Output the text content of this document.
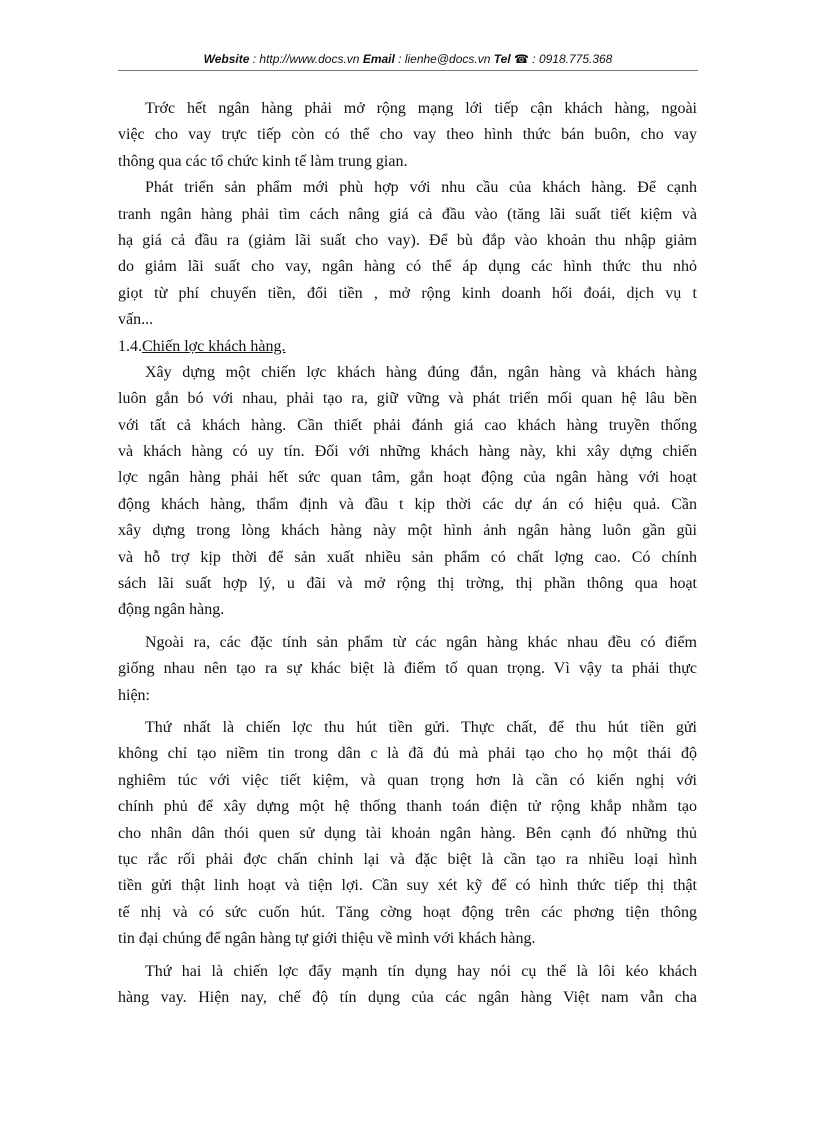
Website : http://www.docs.vn Email : lienhe@docs.vn Tel ☎ : 0918.775.368
Trớc hết ngân hàng phải mở rộng mạng lới tiếp cận khách hàng, ngoài
việc cho vay trực tiếp còn có thể cho vay theo hình thức bán buôn, cho vay
thông qua các tổ chức kinh tế làm trung gian.
Phát triển sản phẩm mới phù hợp với nhu cầu của khách hàng. Để cạnh
tranh ngân hàng phải tìm cách nâng giá cả đầu vào (tăng lãi suất tiết kiệm và
hạ giá cả đầu ra (giảm lãi suất cho vay). Để bù đắp vào khoản thu nhập giảm
do giảm lãi suất cho vay, ngân hàng có thể áp dụng các hình thức thu nhỏ
giọt từ phí chuyển tiền, đổi tiền , mở rộng kinh doanh hối đoái, dịch vụ t
vấn...
1.4.Chiến lợc khách hàng.
Xây dựng một chiến lợc khách hàng đúng đắn, ngân hàng và khách hàng
luôn gắn bó với nhau, phải tạo ra, giữ vững và phát triển mối quan hệ lâu bền
với tất cả khách hàng. Cần thiết phải đánh giá cao khách hàng truyền thống
và khách hàng có uy tín. Đối với những khách hàng này, khi xây dựng chiến
lợc ngân hàng phải hết sức quan tâm, gắn hoạt động của ngân hàng với hoạt
động khách hàng, thẩm định và đầu t kịp thời các dự án có hiệu quả. Cần
xây dựng trong lòng khách hàng này một hình ảnh ngân hàng luôn gần gũi
và hỗ trợ kịp thời để sản xuất nhiều sản phẩm có chất lợng cao. Có chính
sách lãi suất hợp lý, u đãi và mở rộng thị trờng, thị phần thông qua hoạt
động ngân hàng.
Ngoài ra, các đặc tính sản phẩm từ các ngân hàng khác nhau đều có điểm
giống nhau nên tạo ra sự khác biệt là điểm tố quan trọng. Vì vậy ta phải thực
hiện:
Thứ nhất là chiến lợc thu hút tiền gửi. Thực chất, để thu hút tiền gửi
không chỉ tạo niềm tin trong dân c là đã đủ mà phải tạo cho họ một thái độ
nghiêm túc với việc tiết kiệm, và quan trọng hơn là cần có kiến nghị với
chính phủ để xây dựng một hệ thống thanh toán điện tử rộng khắp nhằm tạo
cho nhân dân thói quen sử dụng tài khoản ngân hàng. Bên cạnh đó những thủ
tục rắc rối phải đợc chấn chỉnh lại và đặc biệt là cần tạo ra nhiều loại hình
tiền gửi thật linh hoạt và tiện lợi. Cần suy xét kỹ để có hình thức tiếp thị thật
tế nhị và có sức cuốn hút. Tăng cờng hoạt động trên các phơng tiện thông
tin đại chúng để ngân hàng tự giới thiệu về mình với khách hàng.
Thứ hai là chiến lợc đẩy mạnh tín dụng hay nói cụ thể là lôi kéo khách
hàng vay. Hiện nay, chế độ tín dụng của các ngân hàng Việt nam vẫn cha
